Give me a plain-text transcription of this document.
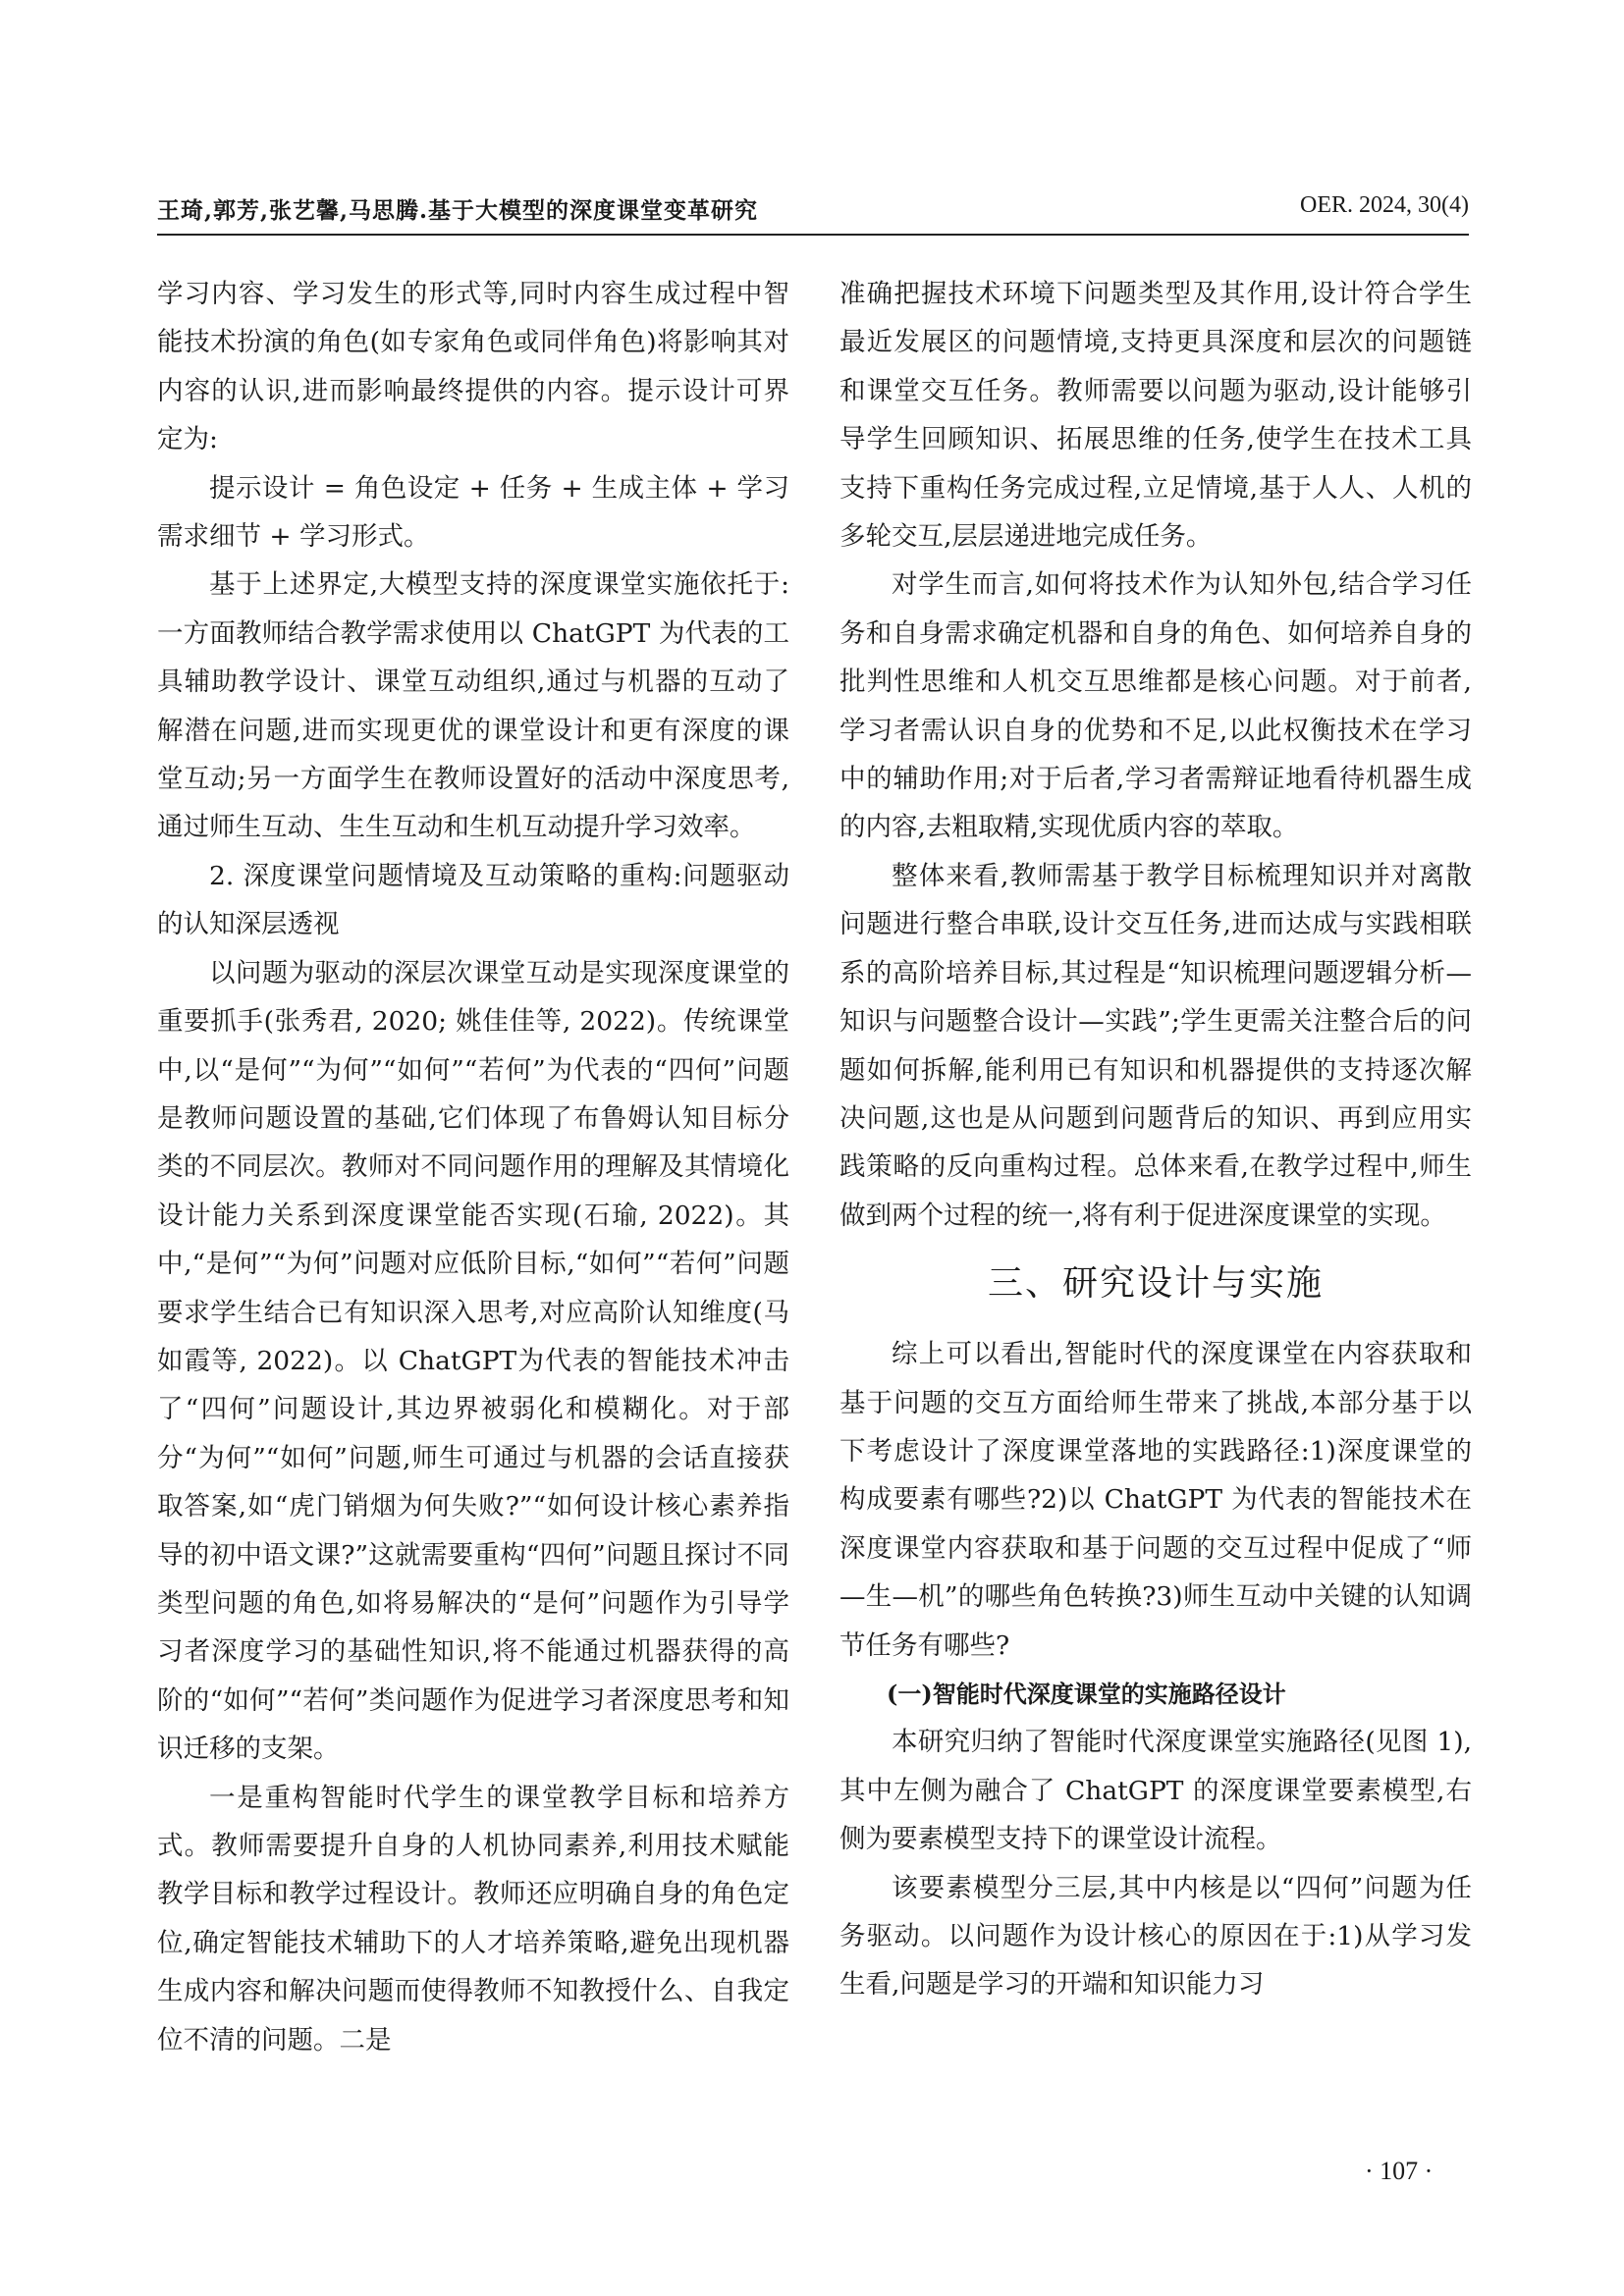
王琦,郭芳,张艺馨,马思腾.基于大模型的深度课堂变革研究	OER. 2024, 30(4)

学习内容、学习发生的形式等,同时内容生成过程中智能技术扮演的角色(如专家角色或同伴角色)将影响其对内容的认识,进而影响最终提供的内容。提示设计可界定为:

提示设计 = 角色设定 + 任务 + 生成主体 + 学习需求细节 + 学习形式。

基于上述界定,大模型支持的深度课堂实施依托于:一方面教师结合教学需求使用以 ChatGPT 为代表的工具辅助教学设计、课堂互动组织,通过与机器的互动了解潜在问题,进而实现更优的课堂设计和更有深度的课堂互动;另一方面学生在教师设置好的活动中深度思考,通过师生互动、生生互动和生机互动提升学习效率。

2. 深度课堂问题情境及互动策略的重构:问题驱动的认知深层透视

以问题为驱动的深层次课堂互动是实现深度课堂的重要抓手(张秀君, 2020; 姚佳佳等, 2022)。传统课堂中,以“是何”“为何”“如何”“若何”为代表的“四何”问题是教师问题设置的基础,它们体现了布鲁姆认知目标分类的不同层次。教师对不同问题作用的理解及其情境化设计能力关系到深度课堂能否实现(石瑜, 2022)。其中,“是何”“为何”问题对应低阶目标,“如何”“若何”问题要求学生结合已有知识深入思考,对应高阶认知维度(马如霞等, 2022)。以 ChatGPT为代表的智能技术冲击了“四何”问题设计,其边界被弱化和模糊化。对于部分“为何”“如何”问题,师生可通过与机器的会话直接获取答案,如“虎门销烟为何失败?”“如何设计核心素养指导的初中语文课?”这就需要重构“四何”问题且探讨不同类型问题的角色,如将易解决的“是何”问题作为引导学习者深度学习的基础性知识,将不能通过机器获得的高阶的“如何”“若何”类问题作为促进学习者深度思考和知识迁移的支架。

一是重构智能时代学生的课堂教学目标和培养方式。教师需要提升自身的人机协同素养,利用技术赋能教学目标和教学过程设计。教师还应明确自身的角色定位,确定智能技术辅助下的人才培养策略,避免出现机器生成内容和解决问题而使得教师不知教授什么、自我定位不清的问题。二是

准确把握技术环境下问题类型及其作用,设计符合学生最近发展区的问题情境,支持更具深度和层次的问题链和课堂交互任务。教师需要以问题为驱动,设计能够引导学生回顾知识、拓展思维的任务,使学生在技术工具支持下重构任务完成过程,立足情境,基于人人、人机的多轮交互,层层递进地完成任务。

对学生而言,如何将技术作为认知外包,结合学习任务和自身需求确定机器和自身的角色、如何培养自身的批判性思维和人机交互思维都是核心问题。对于前者,学习者需认识自身的优势和不足,以此权衡技术在学习中的辅助作用;对于后者,学习者需辩证地看待机器生成的内容,去粗取精,实现优质内容的萃取。

整体来看,教师需基于教学目标梳理知识并对离散问题进行整合串联,设计交互任务,进而达成与实践相联系的高阶培养目标,其过程是“知识梳理问题逻辑分析—知识与问题整合设计—实践”;学生更需关注整合后的问题如何拆解,能利用已有知识和机器提供的支持逐次解决问题,这也是从问题到问题背后的知识、再到应用实践策略的反向重构过程。总体来看,在教学过程中,师生做到两个过程的统一,将有利于促进深度课堂的实现。

三、研究设计与实施

综上可以看出,智能时代的深度课堂在内容获取和基于问题的交互方面给师生带来了挑战,本部分基于以下考虑设计了深度课堂落地的实践路径:1)深度课堂的构成要素有哪些?2)以 ChatGPT 为代表的智能技术在深度课堂内容获取和基于问题的交互过程中促成了“师—生—机”的哪些角色转换?3)师生互动中关键的认知调节任务有哪些?

(一)智能时代深度课堂的实施路径设计

本研究归纳了智能时代深度课堂实施路径(见图 1),其中左侧为融合了 ChatGPT 的深度课堂要素模型,右侧为要素模型支持下的课堂设计流程。

该要素模型分三层,其中内核是以“四何”问题为任务驱动。以问题作为设计核心的原因在于:1)从学习发生看,问题是学习的开端和知识能力习

· 107 ·
